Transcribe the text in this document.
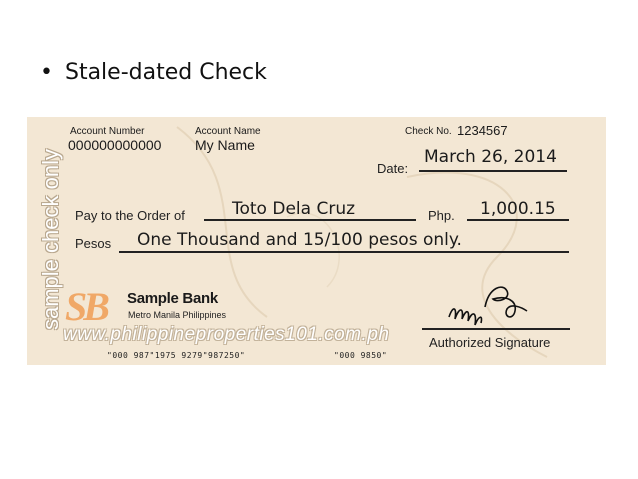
• Stale-dated Check
sample check only
Account Number
000000000000
Account Name
My Name
Check No. 1234567
Date:
March 26, 2014
Pay to the Order of	Toto Dela Cruz	Php. 1,000.15
Pesos One Thousand and 15/100 pesos only.
SB Sample Bank
Metro Manila Philippines
www.philippineproperties101.com.ph
"000 987"1975 9279"987250"	"000 9850"
Authorized Signature
